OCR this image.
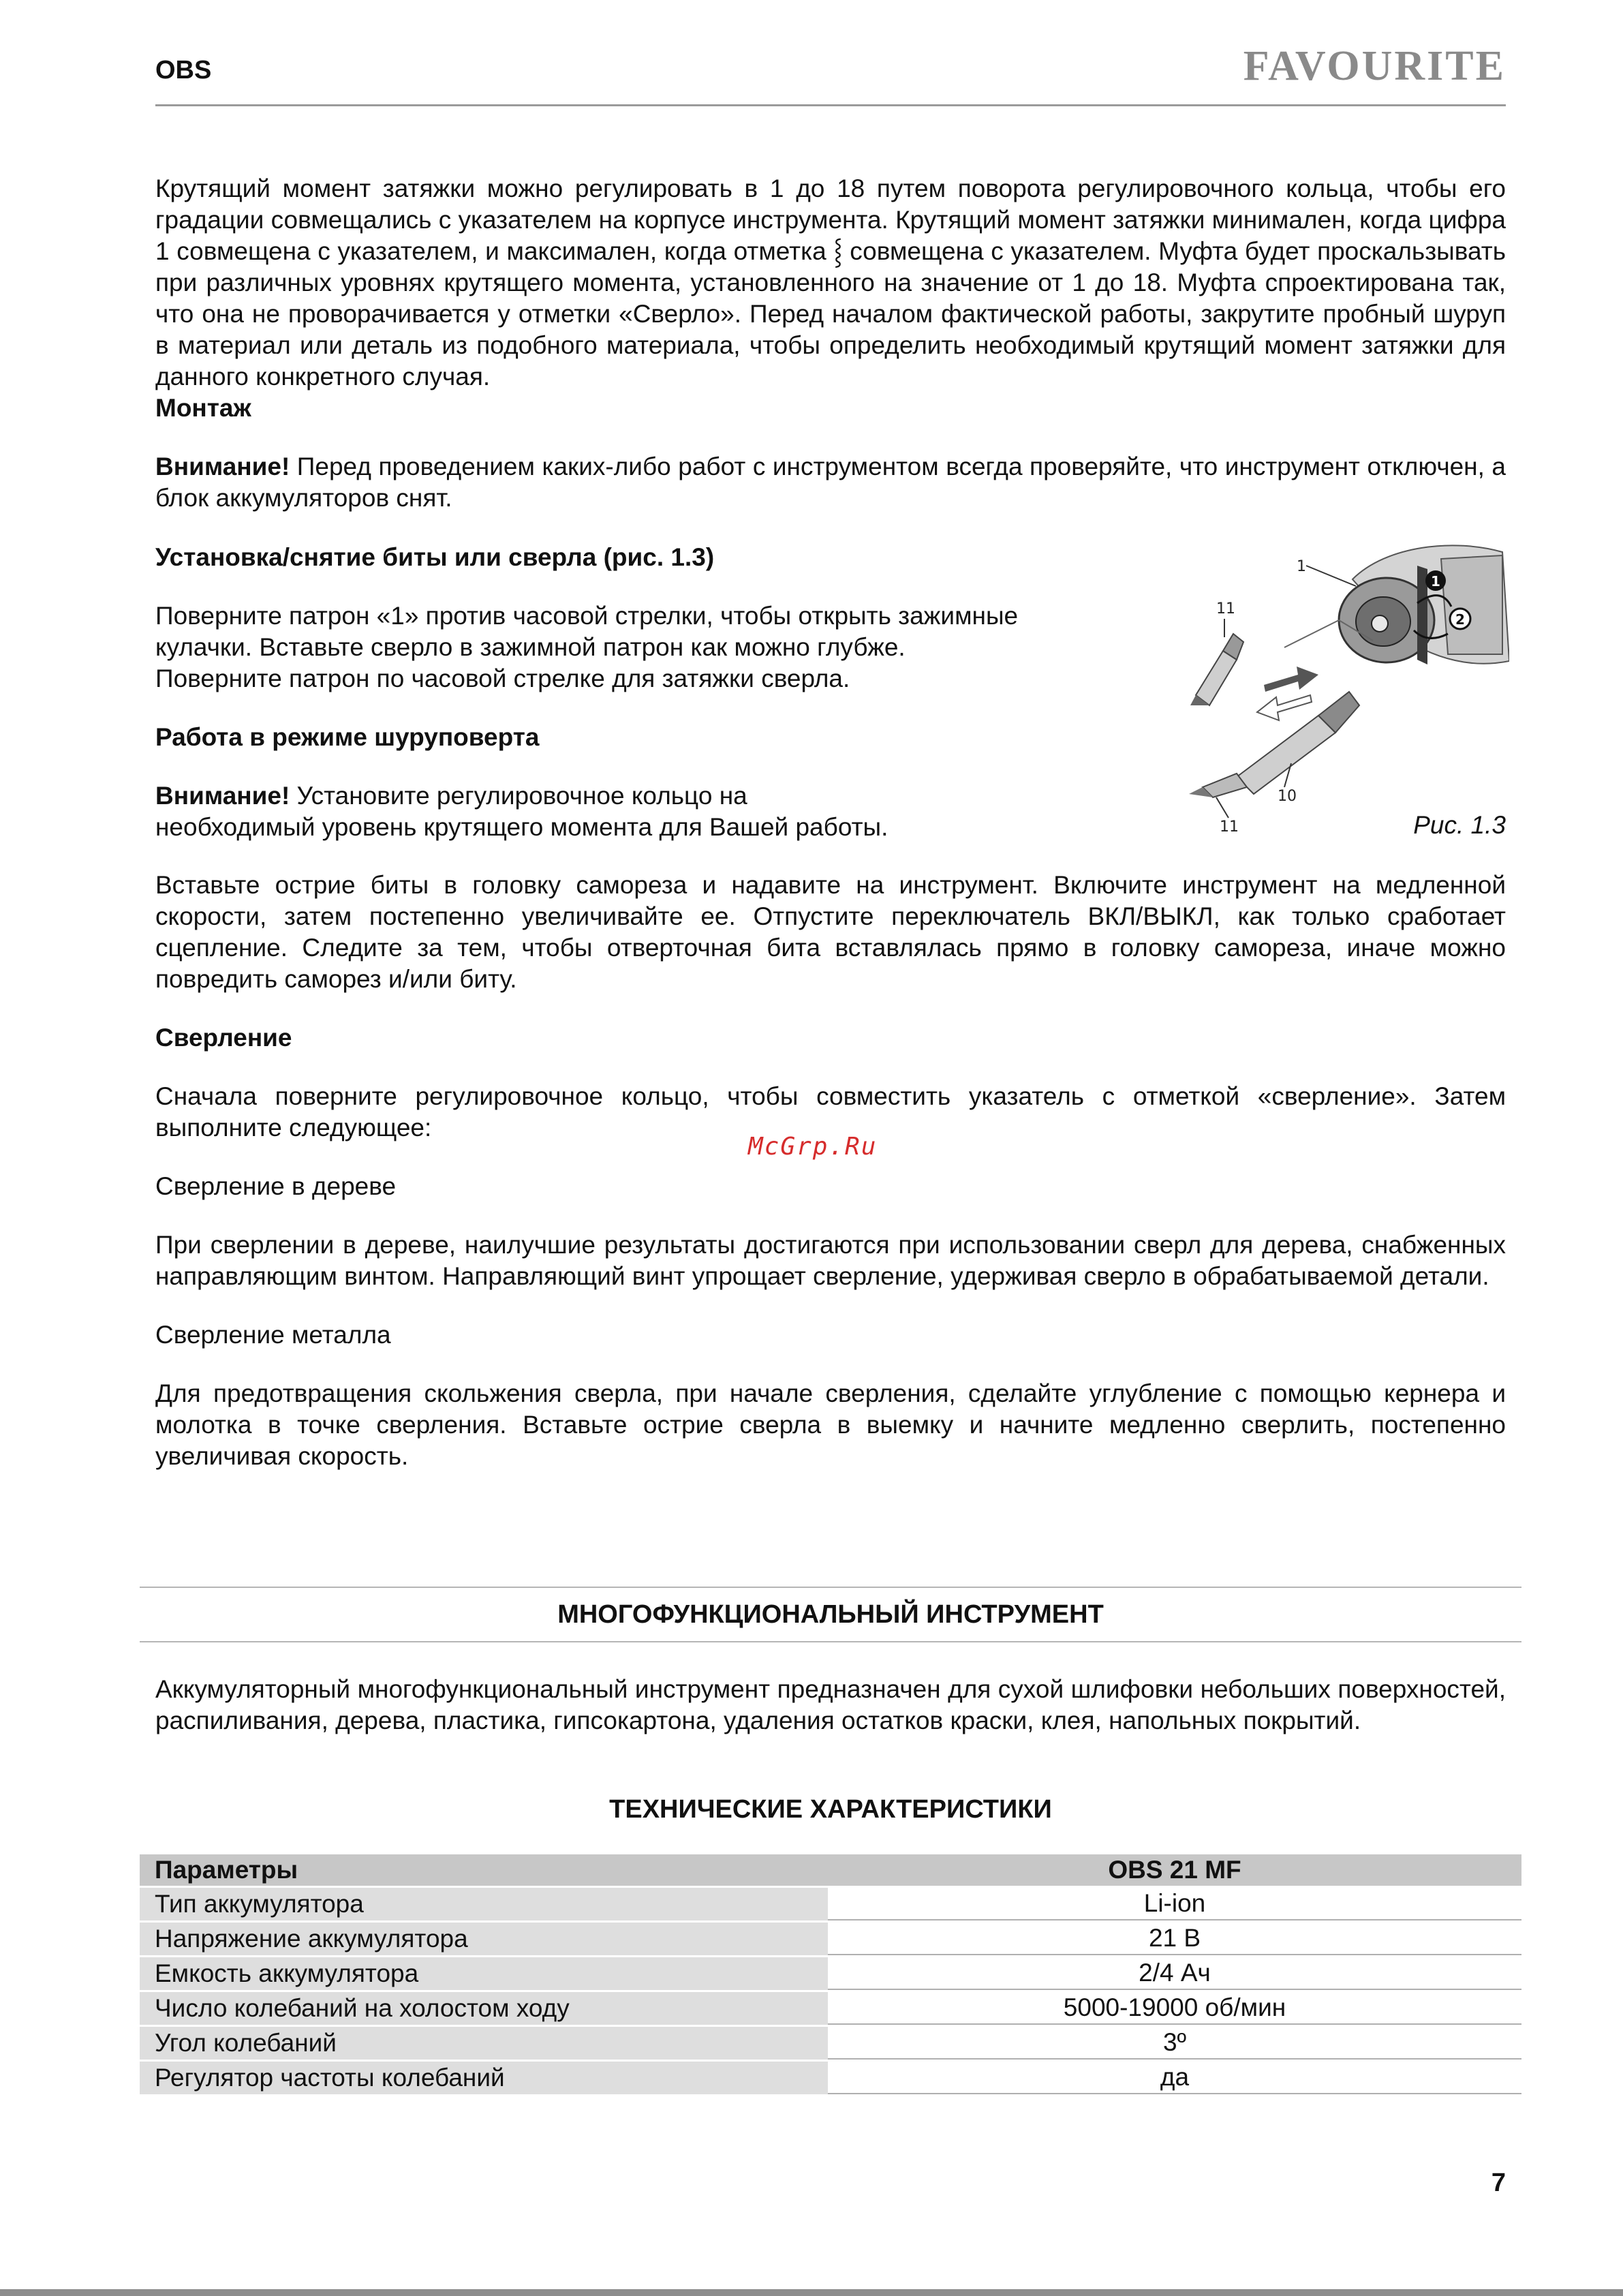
OBS	FAVOURITE

Крутящий момент затяжки можно регулировать в 1 до 18 путем поворота регулировочного кольца, чтобы его градации совмещались с указателем на корпусе инструмента. Крутящий момент затяжки минимален, когда цифра 1 совмещена с указателем, и максимален, когда отметка ⸾ совмещена с указателем. Муфта будет проскальзывать при различных уровнях крутящего момента, установленного на значение от 1 до 18. Муфта спроектирована так, что она не проворачивается у отметки «Сверло». Перед началом фактической работы, закрутите пробный шуруп в материал или деталь из подобного материала, чтобы определить необходимый крутящий момент затяжки для данного конкретного случая.

Монтаж

Внимание! Перед проведением каких-либо работ с инструментом всегда проверяйте, что инструмент отключен, а блок аккумуляторов снят.

Установка/снятие биты или сверла (рис. 1.3)

Поверните патрон «1» против часовой стрелки, чтобы открыть зажимные

кулачки. Вставьте сверло в зажимной патрон как можно глубже.

Поверните патрон по часовой стрелке для затяжки сверла.

Работа в режиме шуруповерта

Внимание! Установите регулировочное кольцо на

необходимый уровень крутящего момента для Вашей работы.

1
2
1
11
10
11	Рис. 1.3

Вставьте острие биты в головку самореза и надавите на инструмент. Включите инструмент на медленной скорости, затем постепенно увеличивайте ее. Отпустите переключатель ВКЛ/ВЫКЛ, как только сработает сцепление. Следите за тем, чтобы отверточная бита вставлялась прямо в головку самореза, иначе можно повредить саморез и/или биту.

Сверление

Сначала поверните регулировочное кольцо, чтобы совместить указатель с отметкой «сверление». Затем выполните следующее:

Сверление в дереве

При сверлении в дереве, наилучшие результаты достигаются при использовании сверл для дерева, снабженных направляющим винтом. Направляющий винт упрощает сверление, удерживая сверло в обрабатываемой детали.

Сверление металла

Для предотвращения скольжения сверла, при начале сверления, сделайте углубление с помощью кернера и молотка в точке сверления. Вставьте острие сверла в выемку и начните медленно сверлить, постепенно увеличивая скорость.

McGrp.Ru
МНОГОФУНКЦИОНАЛЬНЫЙ ИНСТРУМЕНТ
Аккумуляторный многофункциональный инструмент предназначен для сухой шлифовки небольших поверхностей, распиливания, дерева, пластика, гипсокартона, удаления остатков краски, клея, напольных покрытий.
ТЕХНИЧЕСКИЕ ХАРАКТЕРИСТИКИ
Параметры	OBS 21 MF
Тип аккумулятора	Li-ion
Напряжение аккумулятора	21 В
Емкость аккумулятора	2/4 Ач
Число колебаний на холостом ходу	5000-19000 об/мин
Угол колебаний	3º
Регулятор частоты колебаний	да
7
